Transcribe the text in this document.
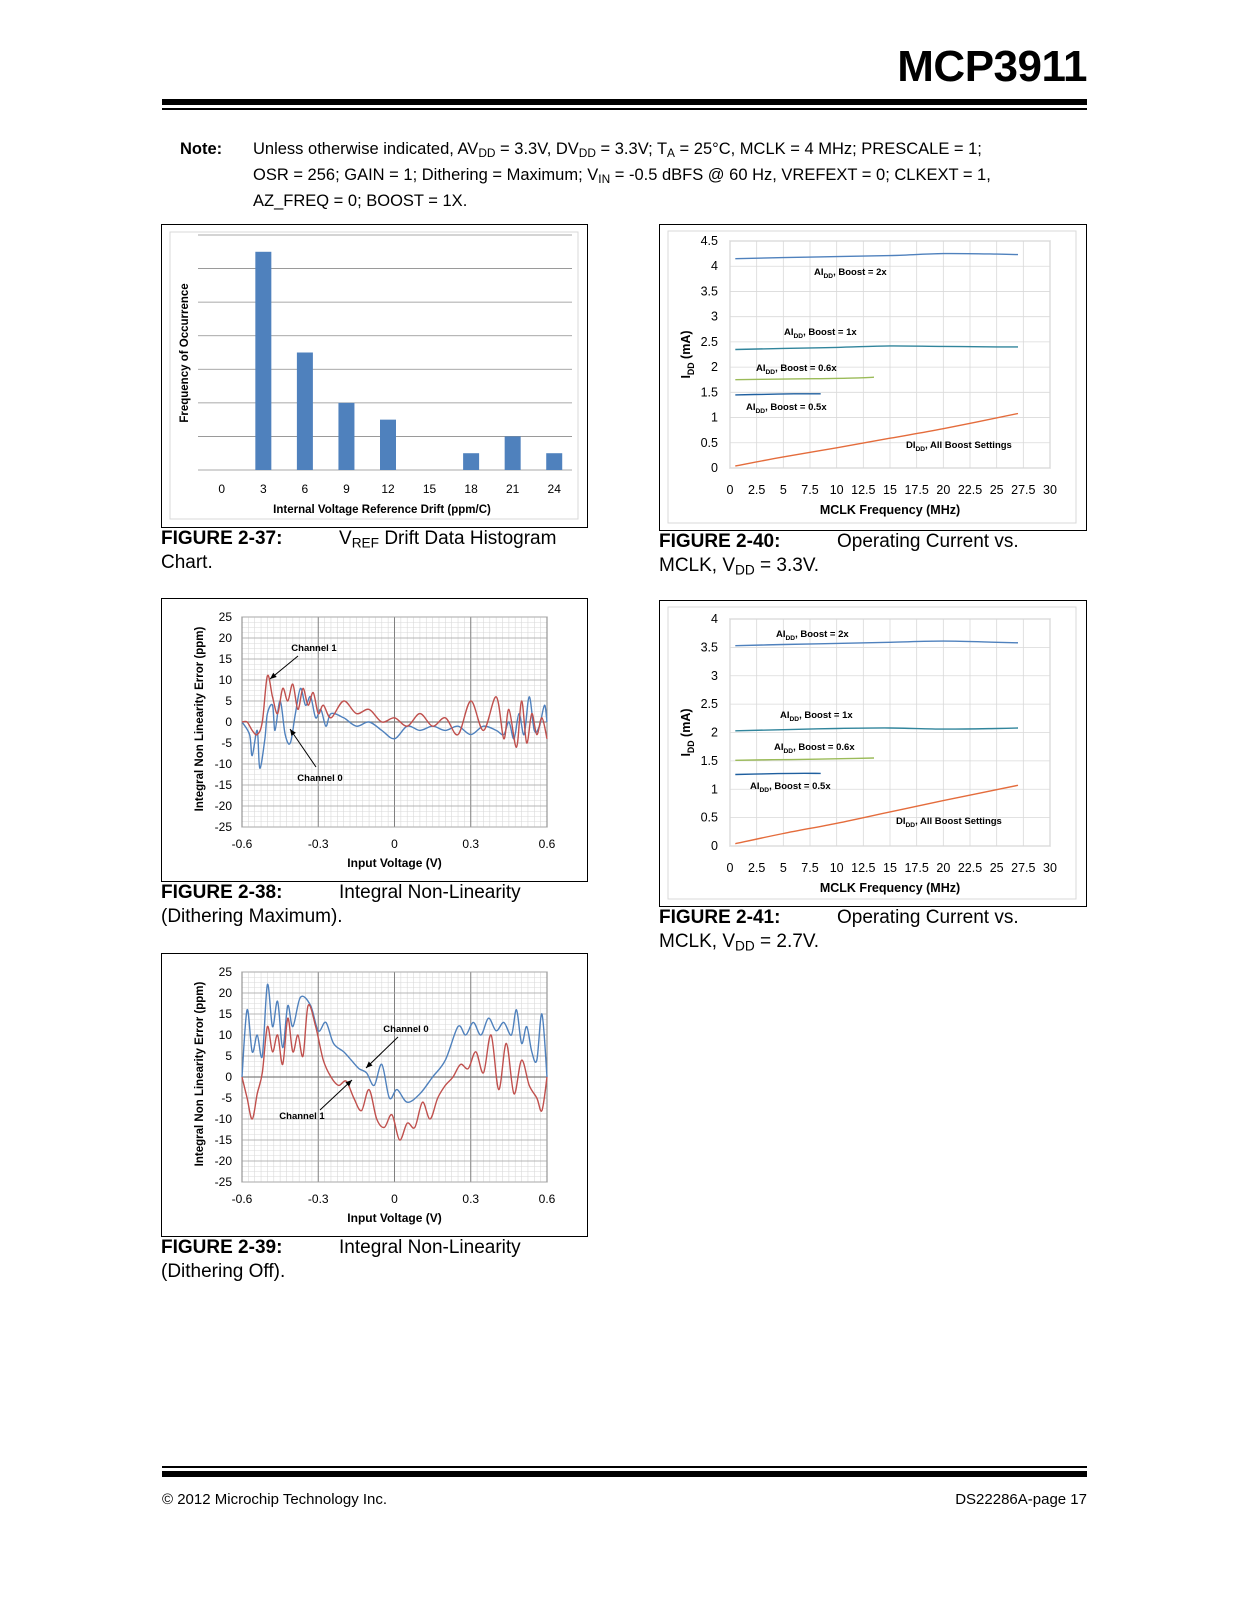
MCP3911
Note: Unless otherwise indicated, $AV_{DD} = 3.3V$, $DV_{DD} = 3.3V$; $T_A = 25^\circ C$, MCLK = 4 MHz; PRESCALE = 1;
OSR = 256; GAIN = 1; Dithering = Maximum; $V_{IN} = -0.5$ dBFS @ 60 Hz, VREFEXT = 0; CLKEXT = 1,
AZ_FREQ = 0; BOOST = 1X.
0	3	6	9	12 15 18 21 24
Internal Voltage Reference Drift (ppm/C)
Frequency of Occurrence
FIGURE 2-37:	$V_{REF}$ Drift Data Histogram
Chart.
25
20
15
10
5
0
-5
-10
-15
-20
-25
-0.6	-0.3	0	0.3	0.6
Input Voltage (V)
Integral Non Linearity Error (ppm)	Channel 1
Channel 0
FIGURE 2-38:	Integral Non-Linearity
(Dithering Maximum).
25
20
15
10
5
0
-5
-10
-15
-20
-25
-0.6	-0.3	0	0.3	0.6
Input Voltage (V)
Integral Non Linearity Error (ppm)	Channel 0
Channel 1
FIGURE 2-39:	Integral Non-Linearity
(Dithering Off).
4.5
4
3.5
3
2.5
2
1.5
1
0.5
0
0 2.5 5 7.5 10 12.5 15 17.5 20 22.5 25 27.5 30
MCLK Frequency (MHz)
$I_{DD}$ (mA)
$AI_{DD}$, Boost = 2x
$AI_{DD}$, Boost = 1x
$AI_{DD}$, Boost = 0.6x
$AI_{DD}$, Boost = 0.5x
$DI_{DD}$, All Boost Settings
FIGURE 2-40:	Operating Current vs.
MCLK, $V_{DD} = 3.3V$.
4
3.5
3
2.5
2
1.5
1
0.5
0
0 2.5 5 7.5 10 12.5 15 17.5 20 22.5 25 27.5 30
MCLK Frequency (MHz)
$I_{DD}$ (mA)
$AI_{DD}$, Boost = 2x
$AI_{DD}$, Boost = 1x
$AI_{DD}$, Boost = 0.6x
$AI_{DD}$, Boost = 0.5x
$DI_{DD}$, All Boost Settings
FIGURE 2-41:	Operating Current vs.
MCLK, $V_{DD} = 2.7V$.
© 2012 Microchip Technology Inc.	DS22286A-page 17
